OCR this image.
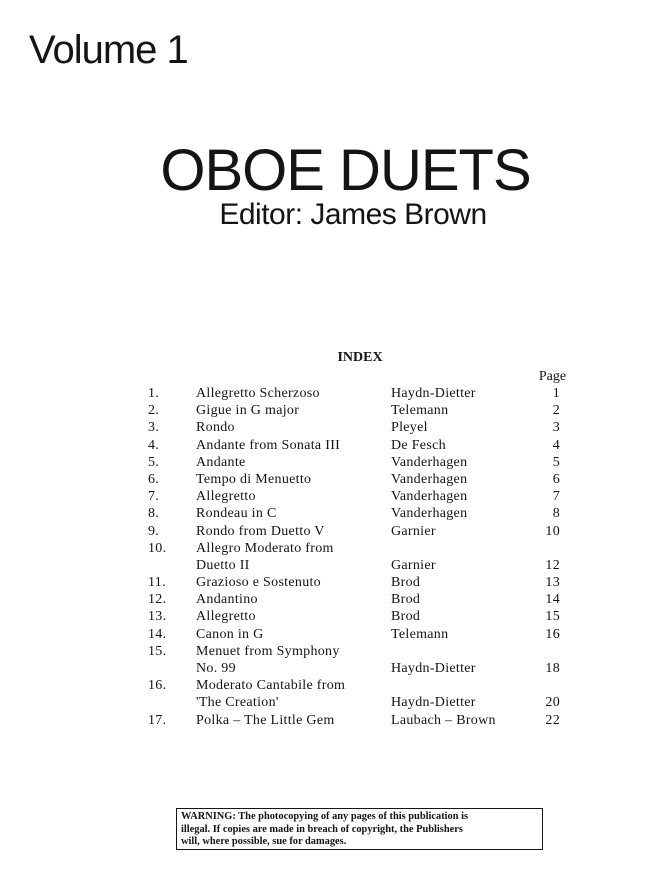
Volume 1
OBOE DUETS
Editor: James Brown
INDEX
Page
1.	Allegretto Scherzoso	Haydn-Dietter	1
2.	Gigue in G major	Telemann	2
3.	Rondo	Pleyel	3
4.	Andante from Sonata III	De Fesch	4
5.	Andante	Vanderhagen	5
6.	Tempo di Menuetto	Vanderhagen	6
7.	Allegretto	Vanderhagen	7
8.	Rondeau in C	Vanderhagen	8
9.	Rondo from Duetto V	Garnier	10
10. Allegro Moderato from
Duetto II	Garnier	12
11. Grazioso e Sostenuto	Brod	13
12. Andantino	Brod	14
13. Allegretto	Brod	15
14. Canon in G	Telemann	16
15. Menuet from Symphony
No. 99	Haydn-Dietter	18
16. Moderato Cantabile from
'The Creation'	Haydn-Dietter	20
17. Polka – The Little Gem	Laubach – Brown	22
WARNING: The photocopying of any pages of this publication is
illegal. If copies are made in breach of copyright, the Publishers
will, where possible, sue for damages.
